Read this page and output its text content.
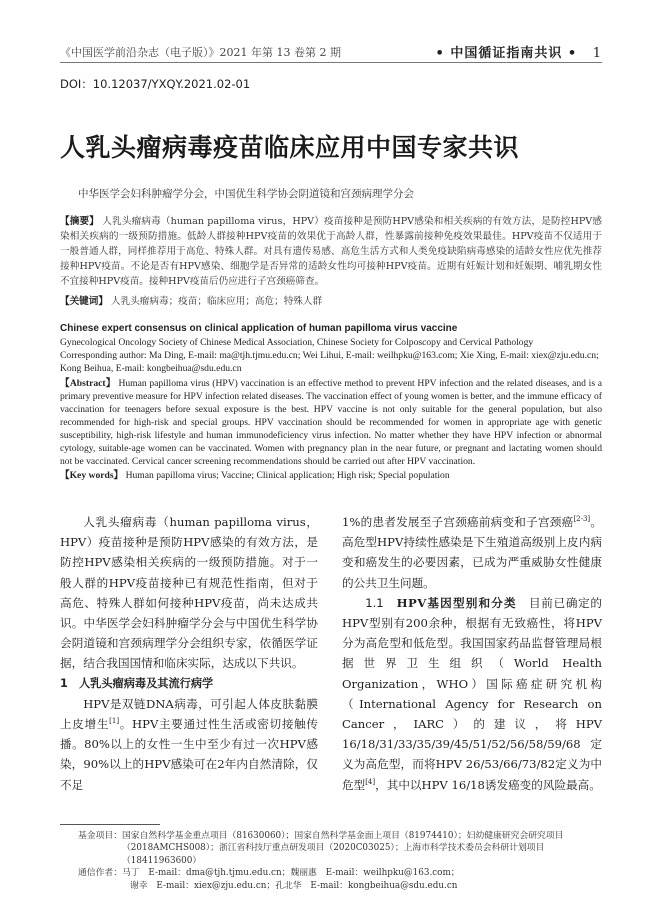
《中国医学前沿杂志（电子版）》2021 年第 13 卷第 2 期	• 中国循证指南共识 • 1
DOI：10.12037/YXQY.2021.02-01
人乳头瘤病毒疫苗临床应用中国专家共识
中华医学会妇科肿瘤学分会，中国优生科学协会阴道镜和宫颈病理学分会
【摘要】 人乳头瘤病毒（human papilloma virus，HPV）疫苗接种是预防HPV感染和相关疾病的有效方法，是防控HPV感染相关疾病的一级预防措施。低龄人群接种HPV疫苗的效果优于高龄人群，性暴露前接种免疫效果最佳。HPV疫苗不仅适用于一般普通人群，同样推荐用于高危、特殊人群。对具有遗传易感、高危生活方式和人类免疫缺陷病毒感染的适龄女性应优先推荐接种HPV疫苗。不论是否有HPV感染、细胞学是否异常的适龄女性均可接种HPV疫苗。近期有妊娠计划和妊娠期、哺乳期女性不宜接种HPV疫苗。接种HPV疫苗后仍应进行子宫颈癌筛查。
【关键词】 人乳头瘤病毒；疫苗；临床应用；高危；特殊人群
Chinese expert consensus on clinical application of human papilloma virus vaccine
Gynecological Oncology Society of Chinese Medical Association, Chinese Society for Colposcopy and Cervical Pathology
Corresponding author: Ma Ding, E-mail: ma@tjh.tjmu.edu.cn; Wei Lihui, E-mail: weilhpku@163.com; Xie Xing, E-mail: xiex@zju.edu.cn; Kong Beihua, E-mail: kongbeihua@sdu.edu.cn
【Abstract】 Human papilloma virus (HPV) vaccination is an effective method to prevent HPV infection and the related diseases, and is a primary preventive measure for HPV infection related diseases. The vaccination effect of young women is better, and the immune efficacy of vaccination for teenagers before sexual exposure is the best. HPV vaccine is not only suitable for the general population, but also recommended for high-risk and special groups. HPV vaccination should be recommended for women in appropriate age with genetic susceptibility, high-risk lifestyle and human immunodeficiency virus infection. No matter whether they have HPV infection or abnormal cytology, suitable-age women can be vaccinated. Women with pregnancy plan in the near future, or pregnant and lactating women should not be vaccinated. Cervical cancer screening recommendations should be carried out after HPV vaccination.
【Key words】 Human papilloma virus; Vaccine; Clinical application; High risk; Special population

人乳头瘤病毒（human papilloma virus，HPV）疫苗接种是预防HPV感染的有效方法，是防控HPV感染相关疾病的一级预防措施。对于一般人群的HPV疫苗接种已有规范性指南，但对于高危、特殊人群如何接种HPV疫苗，尚未达成共识。中华医学会妇科肿瘤学分会与中国优生科学协会阴道镜和宫颈病理学分会组织专家，依循医学证据，结合我国国情和临床实际，达成以下共识。

1　人乳头瘤病毒及其流行病学

HPV是双链DNA病毒，可引起人体皮肤黏膜上皮增生[1]。HPV主要通过性生活或密切接触传播。80%以上的女性一生中至少有过一次HPV感染，90%以上的HPV感染可在2年内自然清除，仅不足

1%的患者发展至子宫颈癌前病变和子宫颈癌[2-3]。高危型HPV持续性感染是下生殖道高级别上皮内病变和癌发生的必要因素，已成为严重威胁女性健康的公共卫生问题。

1.1　 HPV基因型别和分类　 目前已确定的HPV型别有200余种，根据有无致癌性，将HPV分为高危型和低危型。我国国家药品监督管理局根据世界卫生组织（World Health Organization，WHO）国际癌症研究机构（International Agency for Research on Cancer，IARC）的建议，将HPV 16/18/31/33/35/39/45/51/52/56/58/59/68定义为高危型，而将HPV 26/53/66/73/82定义为中危型[4]，其中以HPV 16/18诱发癌变的风险最高。

基金项目： 国家自然科学基金重点项目（81630060）；国家自然科学基金面上项目（81974410）；妇幼健康研究会研究项目（2018AMCHS008）；浙江省科技厅重点研发项目（2020C03025）；上海市科学技术委员会科研计划项目（18411963600）
通信作者： 马丁　E-mail：dma@tjh.tjmu.edu.cn；魏丽惠　E-mail：weilhpku@163.com；
谢幸　E-mail：xiex@zju.edu.cn；孔北华　E-mail：kongbeihua@sdu.edu.cn
